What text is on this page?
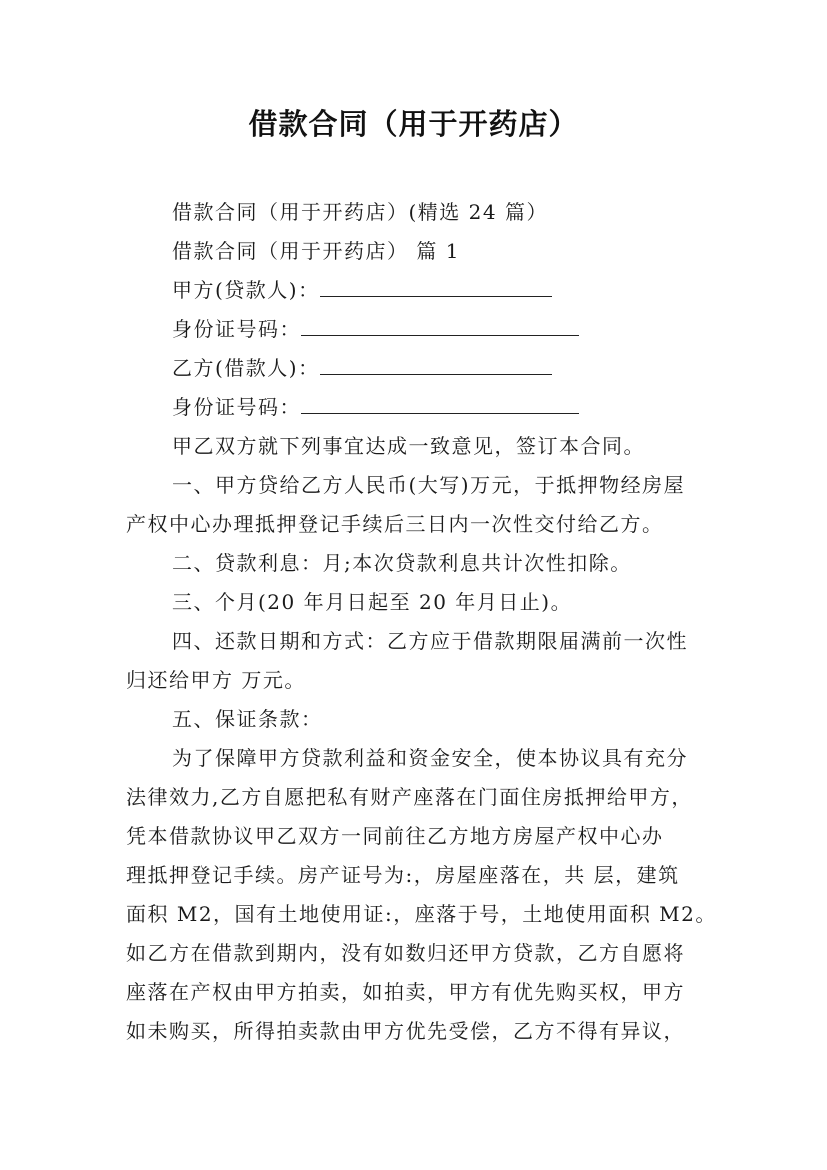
借款合同（用于开药店）
借款合同（用于开药店）(精选 24 篇）
借款合同（用于开药店） 篇 1
甲方(贷款人)：
身份证号码：
乙方(借款人)：
身份证号码：
甲乙双方就下列事宜达成一致意见，签订本合同。
一、甲方贷给乙方人民币(大写)万元，于抵押物经房屋
产权中心办理抵押登记手续后三日内一次性交付给乙方。
二、贷款利息：月;本次贷款利息共计次性扣除。
三、个月(20 年月日起至 20 年月日止)。
四、还款日期和方式：乙方应于借款期限届满前一次性
归还给甲方 万元。
五、保证条款：
为了保障甲方贷款利益和资金安全，使本协议具有充分
法律效力,乙方自愿把私有财产座落在门面住房抵押给甲方，
凭本借款协议甲乙双方一同前往乙方地方房屋产权中心办
理抵押登记手续。房产证号为:，房屋座落在，共 层，建筑
面积 M2，国有土地使用证:，座落于号，土地使用面积 M2。
如乙方在借款到期内，没有如数归还甲方贷款，乙方自愿将
座落在产权由甲方拍卖，如拍卖，甲方有优先购买权，甲方
如未购买，所得拍卖款由甲方优先受偿，乙方不得有异议，
